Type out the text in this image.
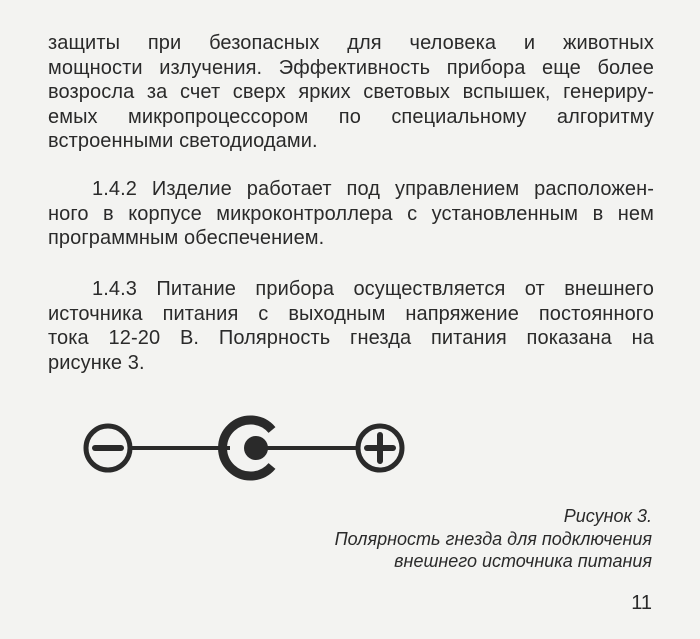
защиты при безопасных для человека и животных
мощности излучения. Эффективность прибора еще более
возросла за счет сверх ярких световых вспышек, генериру-
емых микропроцессором по специальному алгоритму
встроенными светодиодами.

1.4.2 Изделие работает под управлением расположен-
ного в корпусе микроконтроллера с установленным в нем
программным обеспечением.

1.4.3 Питание прибора осуществляется от внешнего
источника питания с выходным напряжение постоянного
тока 12-20 В. Полярность гнезда питания показана на
рисунке 3.

Рисунок 3.
Полярность гнезда для подключения
внешнего источника питания
11
